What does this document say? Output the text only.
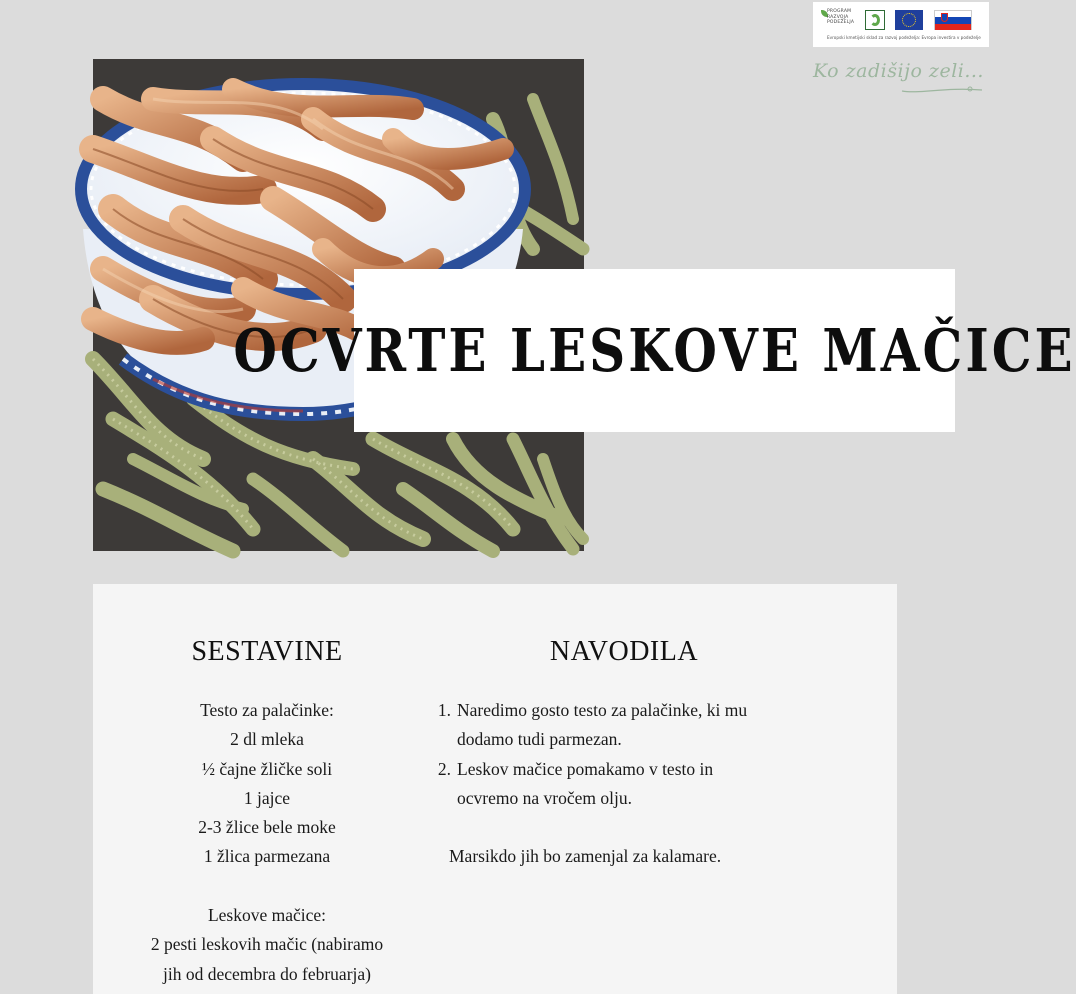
PROGRAM RAZVOJA PODEŽELJA
Evropski kmetijski sklad za razvoj podeželja: Evropa investira v podeželje
Ko zadišijo zeli...
OCVRTE LESKOVE MAČICE
SESTAVINE
Testo za palačinke:
2 dl mleka
½ čajne žličke soli
1 jajce
2-3 žlice bele moke
1 žlica parmezana
Leskove mačice:
2 pesti leskovih mačic (nabiramo
jih od decembra do februarja)
NAVODILA
1. Naredimo gosto testo za palačinke, ki mu
dodamo tudi parmezan.
2. Leskov mačice pomakamo v testo in
ocvremo na vročem olju.
Marsikdo jih bo zamenjal za kalamare.
